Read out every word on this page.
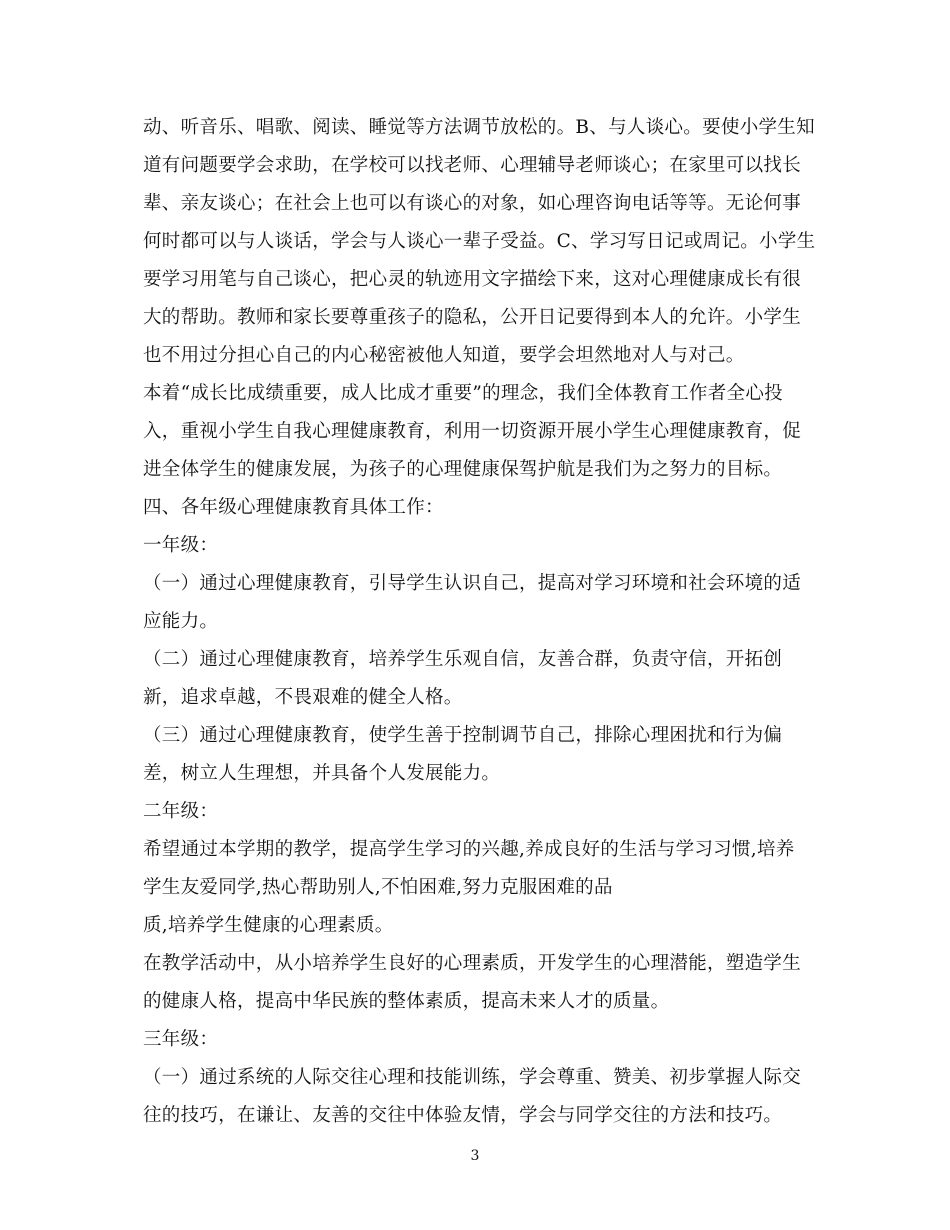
动、听音乐、唱歌、阅读、睡觉等方法调节放松的。B、与人谈心。要使小学生知
道有问题要学会求助，在学校可以找老师、心理辅导老师谈心；在家里可以找长
辈、亲友谈心；在社会上也可以有谈心的对象，如心理咨询电话等等。无论何事
何时都可以与人谈话，学会与人谈心一辈子受益。C、学习写日记或周记。小学生
要学习用笔与自己谈心，把心灵的轨迹用文字描绘下来，这对心理健康成长有很
大的帮助。教师和家长要尊重孩子的隐私，公开日记要得到本人的允许。小学生
也不用过分担心自己的内心秘密被他人知道，要学会坦然地对人与对己。
本着“成长比成绩重要，成人比成才重要”的理念，我们全体教育工作者全心投
入，重视小学生自我心理健康教育，利用一切资源开展小学生心理健康教育，促
进全体学生的健康发展，为孩子的心理健康保驾护航是我们为之努力的目标。
四、各年级心理健康教育具体工作：
一年级：
（一）通过心理健康教育，引导学生认识自己，提高对学习环境和社会环境的适
应能力。
（二）通过心理健康教育，培养学生乐观自信，友善合群，负责守信，开拓创
新，追求卓越，不畏艰难的健全人格。
（三）通过心理健康教育，使学生善于控制调节自己，排除心理困扰和行为偏
差，树立人生理想，并具备个人发展能力。
二年级：
希望通过本学期的教学，提高学生学习的兴趣,养成良好的生活与学习习惯,培养
学生友爱同学,热心帮助别人,不怕困难,努力克服困难的品
质,培养学生健康的心理素质。
在教学活动中，从小培养学生良好的心理素质，开发学生的心理潜能，塑造学生
的健康人格，提高中华民族的整体素质，提高未来人才的质量。
三年级：
（一）通过系统的人际交往心理和技能训练，学会尊重、赞美、初步掌握人际交
往的技巧，在谦让、友善的交往中体验友情，学会与同学交往的方法和技巧。
3
